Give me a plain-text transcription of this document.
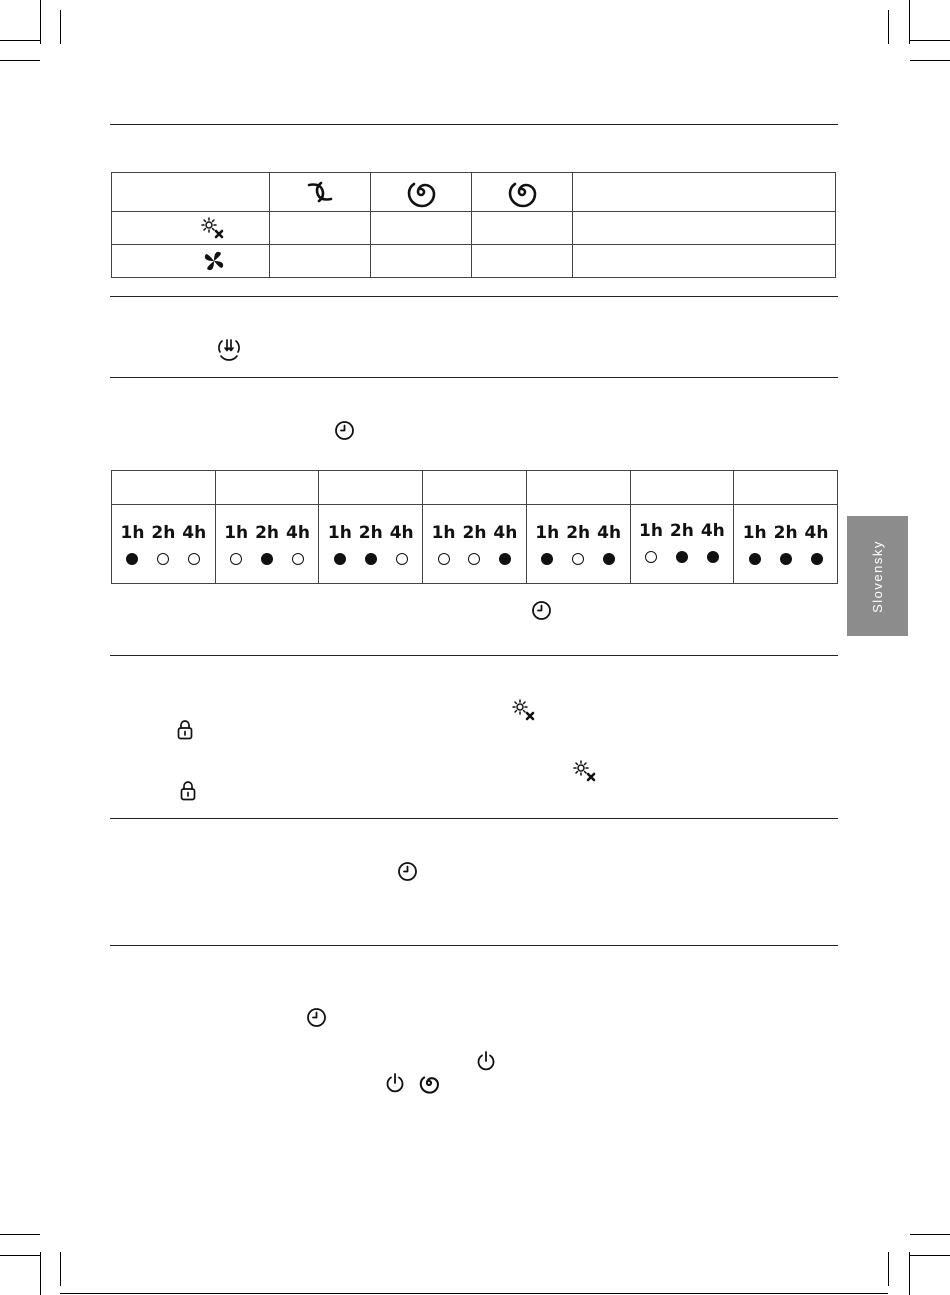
1h 2h 4h	1h 2h 4h	1h 2h 4h	1h 2h 4h	1h 2h 4h	1h 2h 4h	1h 2h 4h
Slovensky
